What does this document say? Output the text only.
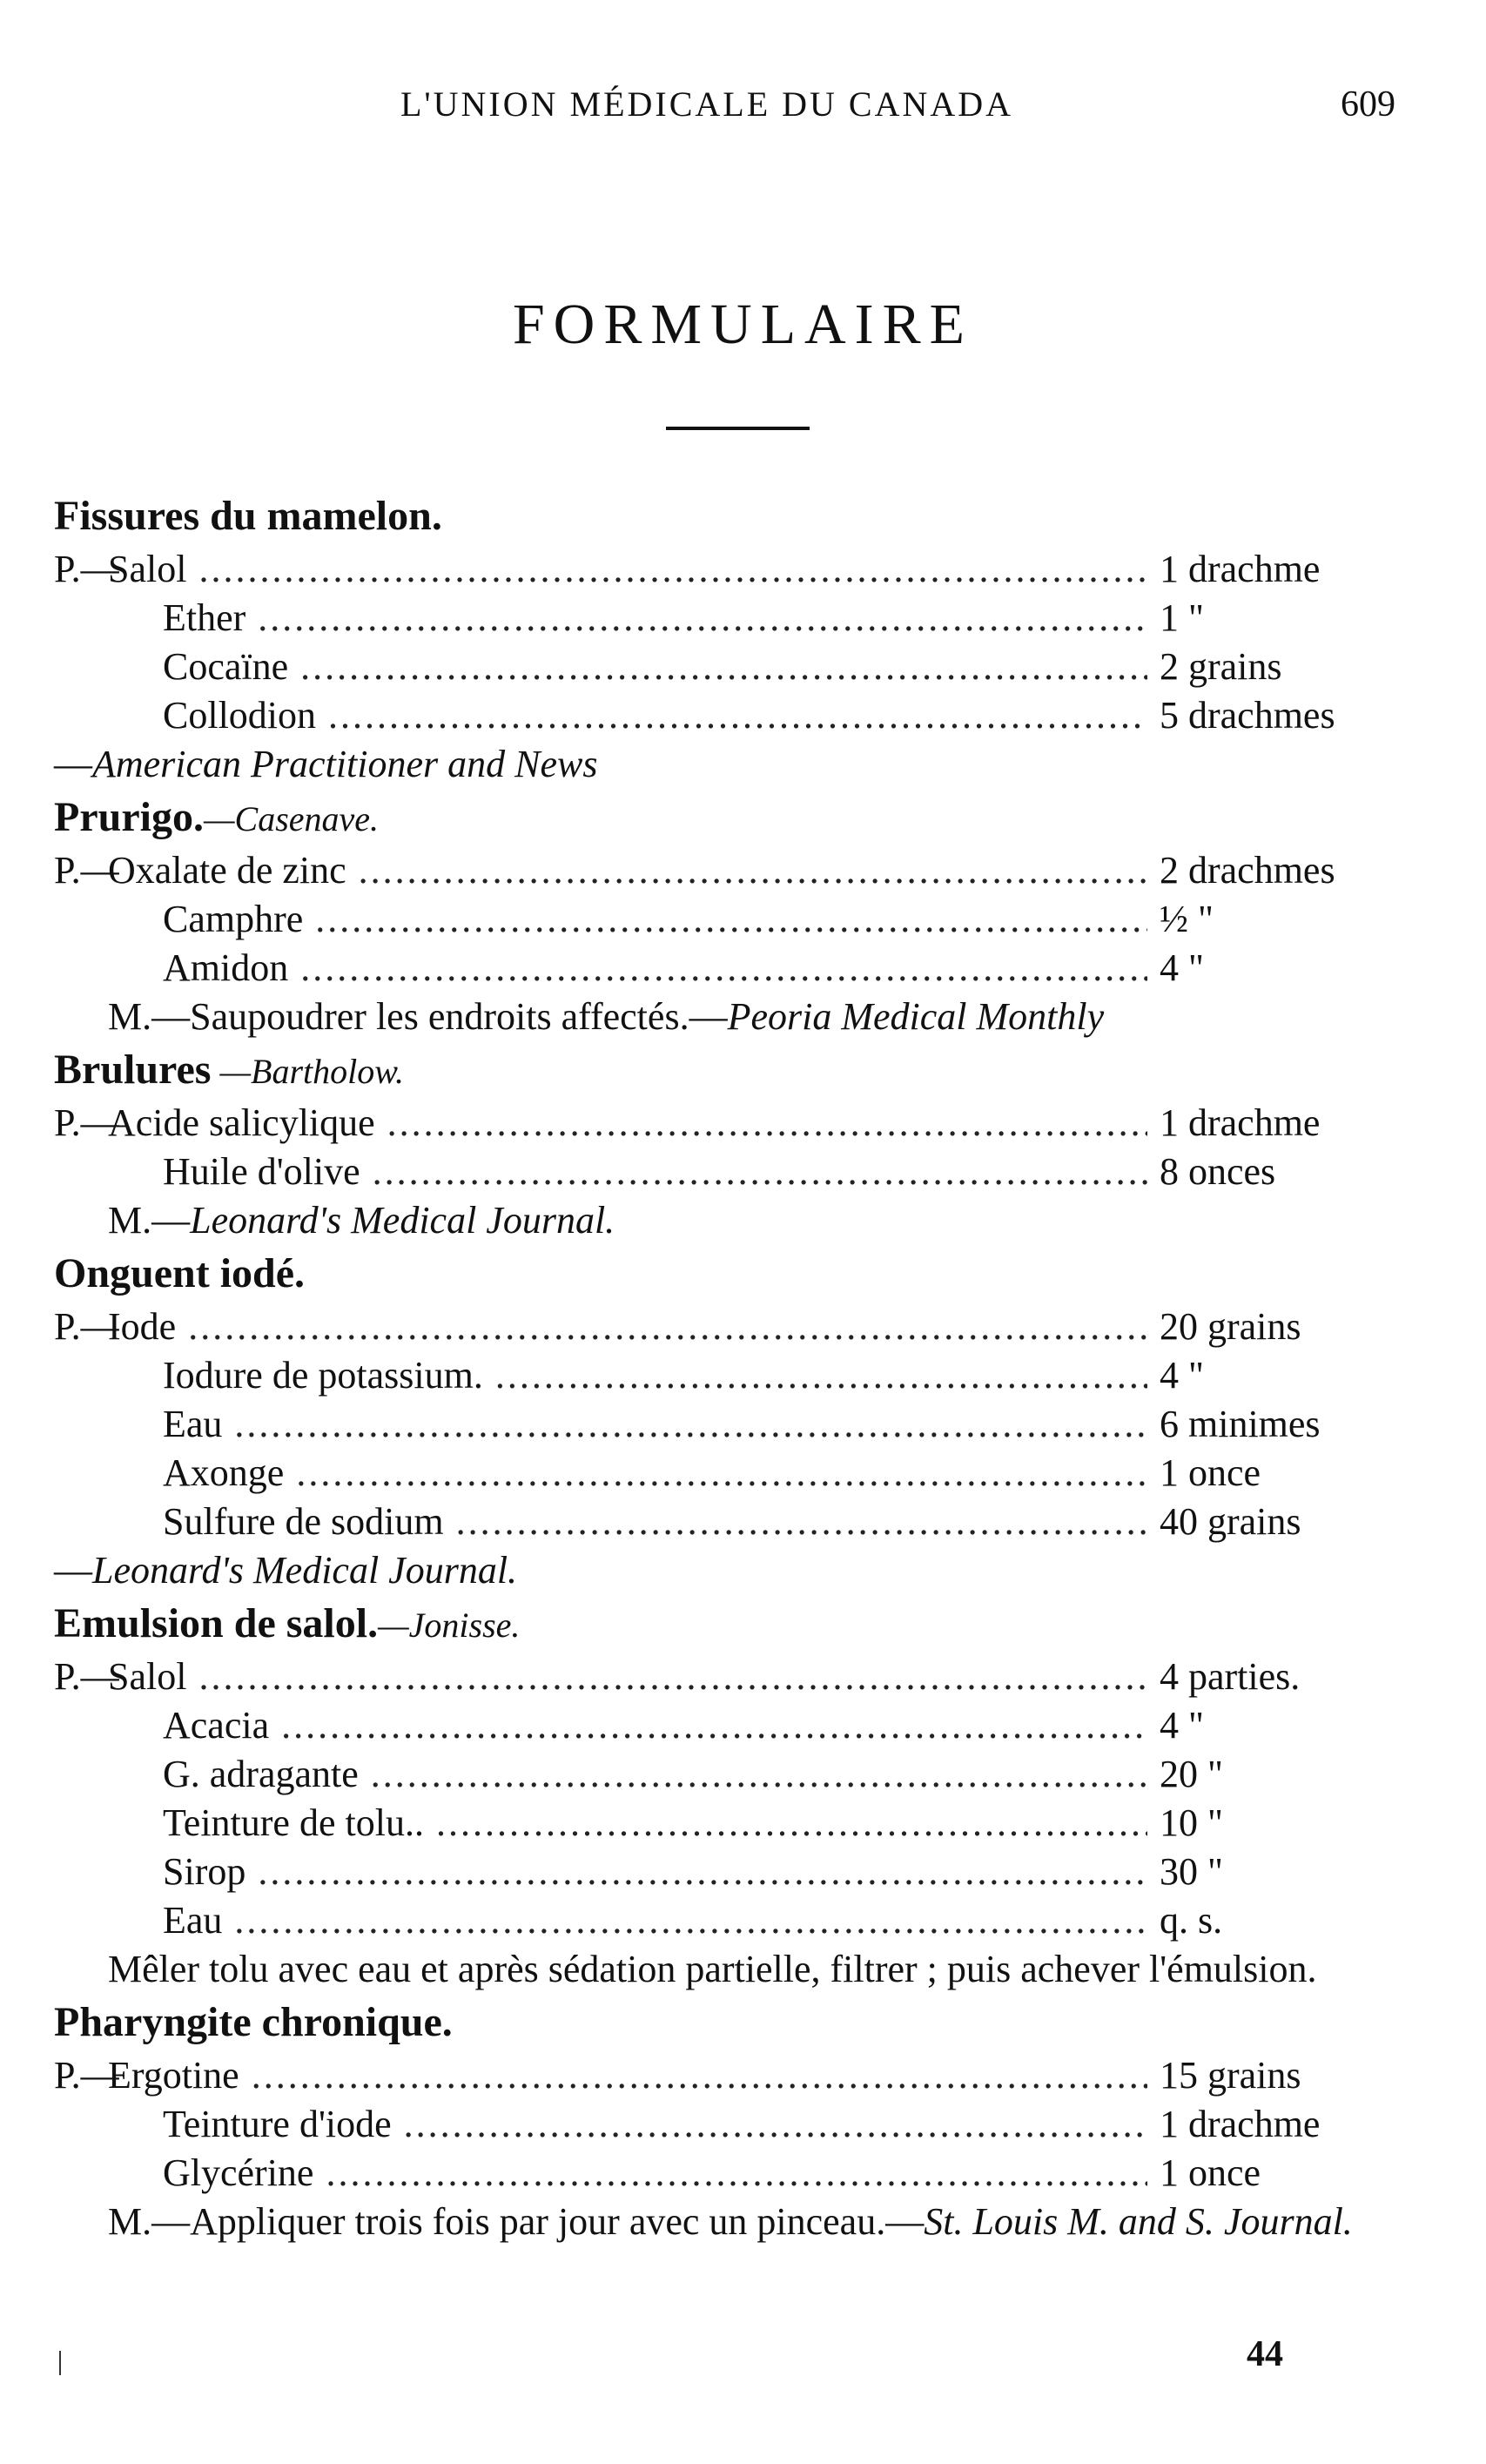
L'UNION MÉDICALE DU CANADA	609
FORMULAIRE
Fissures du mamelon.
P.—
Salol .....	1 drachme
Ether .....	1 "
Cocaïne .....	2 grains
Collodion .....	5 drachmes
—American Practitioner and News
Prurigo.—Casenave.
P.—
Oxalate de zinc .....	2 drachmes
Camphre .....	½ "
Amidon .....	4 "
M.—Saupoudrer les endroits affectés.—Peoria Medical Monthly
Brulures —Bartholow.
P.—
Acide salicylique .....	1 drachme
Huile d'olive .....	8 onces
M.—Leonard's Medical Journal.
Onguent iodé.
P.—
Iode .....	20 grains
Iodure de potassium. .....	4 "
Eau .....	6 minimes
Axonge .....	1 once
Sulfure de sodium .....	40 grains
—Leonard's Medical Journal.
Emulsion de salol.—Jonisse.
P.—
Salol .....	4 parties.
Acacia .....	4 "
G. adragante .....	20 "
Teinture de tolu.. .....	10 "
Sirop .....	30 "
Eau .....	q. s.
Mêler tolu avec eau et après sédation partielle, filtrer ; puis achever l'émulsion.
Pharyngite chronique.
P.—
Ergotine .....	15 grains
Teinture d'iode .....	1 drachme
Glycérine .....	1 once
M.—Appliquer trois fois par jour avec un pinceau.—St. Louis M. and S. Journal.
44
